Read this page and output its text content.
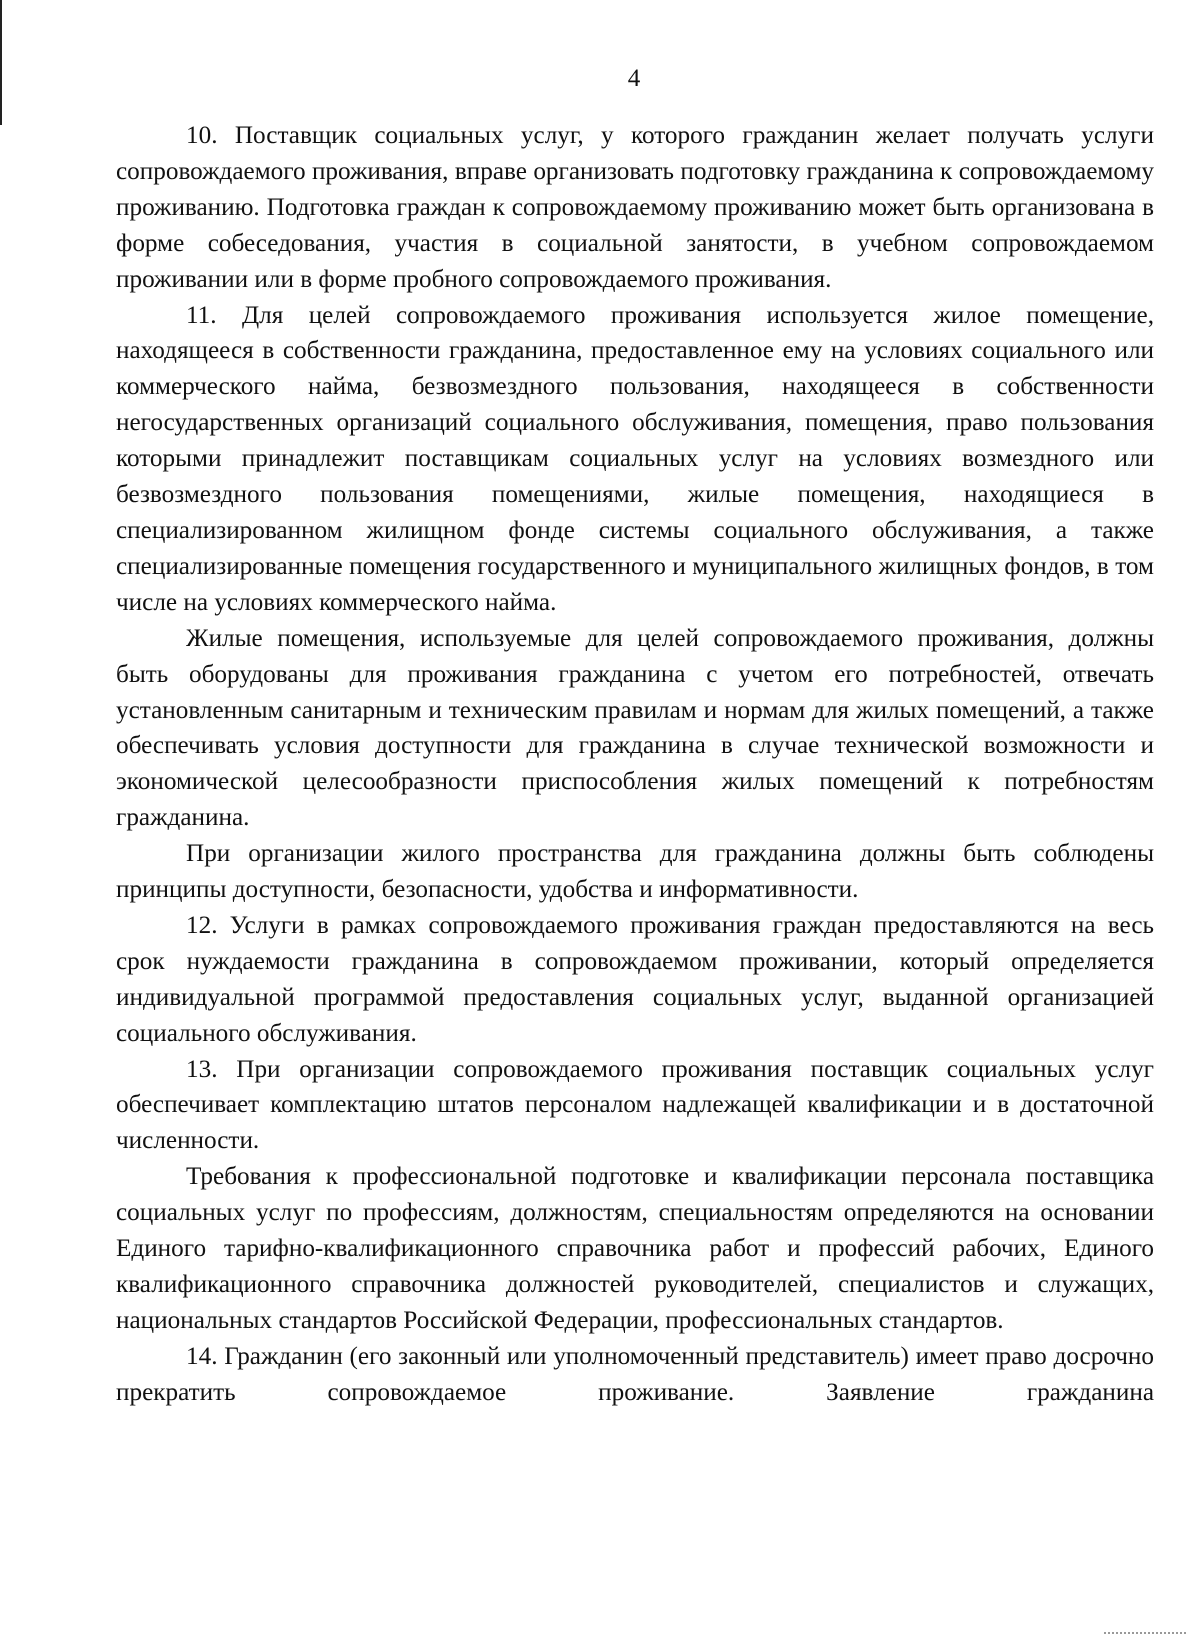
4

10. Поставщик социальных услуг, у которого гражданин желает получать услуги сопровождаемого проживания, вправе организовать подготовку гражданина к сопровождаемому проживанию. Подготовка граждан к сопровождаемому проживанию может быть организована в форме собеседования, участия в социальной занятости, в учебном сопровождаемом проживании или в форме пробного сопровождаемого проживания.

11. Для целей сопровождаемого проживания используется жилое помещение, находящееся в собственности гражданина, предоставленное ему на условиях социального или коммерческого найма, безвозмездного пользования, находящееся в собственности негосударственных организаций социального обслуживания, помещения, право пользования которыми принадлежит поставщикам социальных услуг на условиях возмездного или безвозмездного пользования помещениями, жилые помещения, находящиеся в специализированном жилищном фонде системы социального обслуживания, а также специализированные помещения государственного и муниципального жилищных фондов, в том числе на условиях коммерческого найма.

Жилые помещения, используемые для целей сопровождаемого проживания, должны быть оборудованы для проживания гражданина с учетом его потребностей, отвечать установленным санитарным и техническим правилам и нормам для жилых помещений, а также обеспечивать условия доступности для гражданина в случае технической возможности и экономической целесообразности приспособления жилых помещений к потребностям гражданина.

При организации жилого пространства для гражданина должны быть соблюдены принципы доступности, безопасности, удобства и информативности.

12. Услуги в рамках сопровождаемого проживания граждан предоставляются на весь срок нуждаемости гражданина в сопровождаемом проживании, который определяется индивидуальной программой предоставления социальных услуг, выданной организацией социального обслуживания.

13. При организации сопровождаемого проживания поставщик социальных услуг обеспечивает комплектацию штатов персоналом надлежащей квалификации и в достаточной численности.

Требования к профессиональной подготовке и квалификации персонала поставщика социальных услуг по профессиям, должностям, специальностям определяются на основании Единого тарифно-квалификационного справочника работ и профессий рабочих, Единого квалификационного справочника должностей руководителей, специалистов и служащих, национальных стандартов Российской Федерации, профессиональных стандартов.

14. Гражданин (его законный или уполномоченный представитель) имеет право досрочно прекратить сопровождаемое проживание. Заявление гражданина
